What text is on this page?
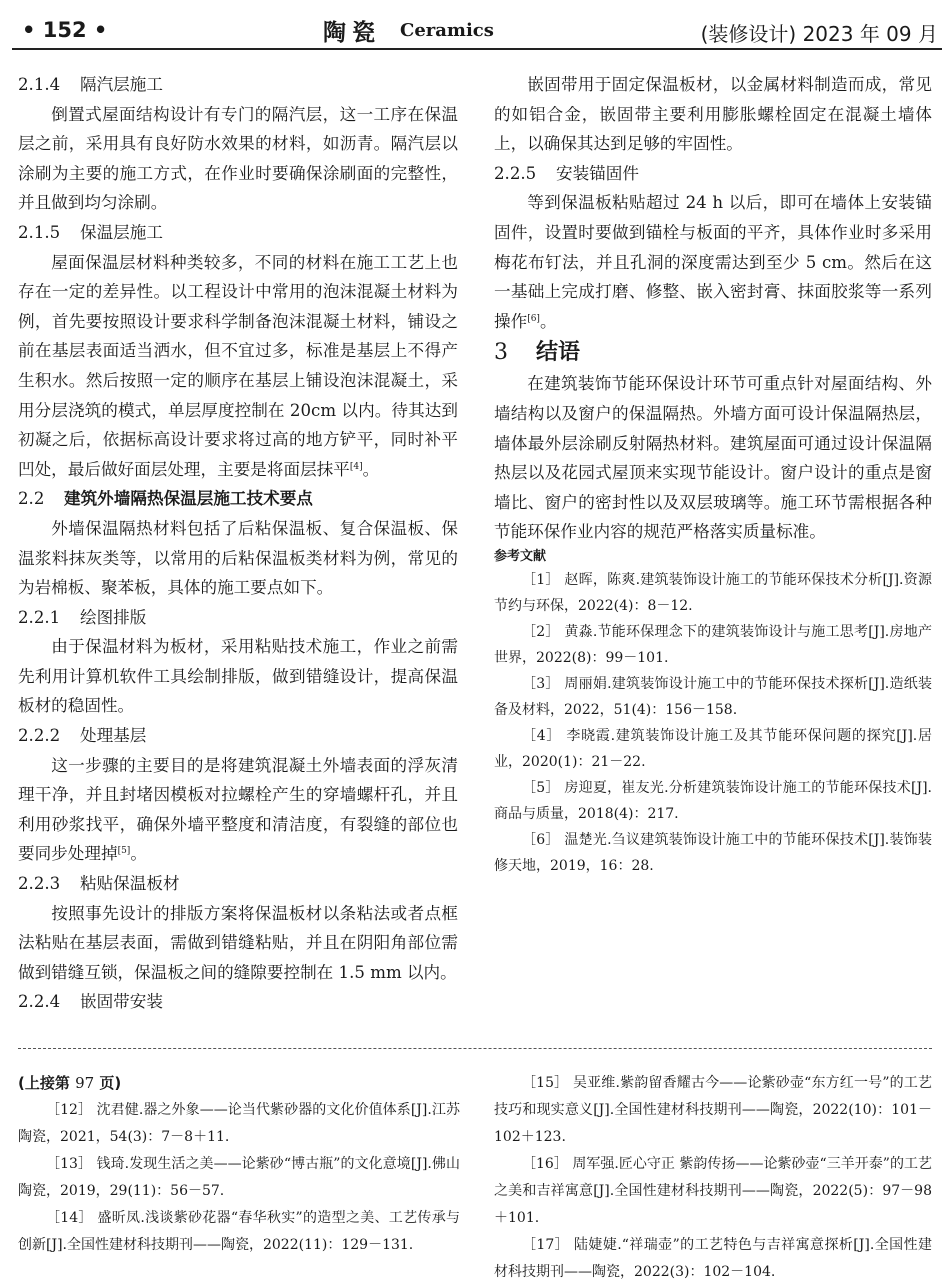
• 152 •	陶瓷 Ceramics	(装修设计) 2023 年 09 月

2.1.4 隔汽层施工

倒置式屋面结构设计有专门的隔汽层，这一工序在保温层之前，采用具有良好防水效果的材料，如沥青。隔汽层以涂刷为主要的施工方式，在作业时要确保涂刷面的完整性，并且做到均匀涂刷。

2.1.5 保温层施工

屋面保温层材料种类较多，不同的材料在施工工艺上也存在一定的差异性。以工程设计中常用的泡沫混凝土材料为例，首先要按照设计要求科学制备泡沫混凝土材料，铺设之前在基层表面适当洒水，但不宜过多，标准是基层上不得产生积水。然后按照一定的顺序在基层上铺设泡沫混凝土，采用分层浇筑的模式，单层厚度控制在 20cm 以内。待其达到初凝之后，依据标高设计要求将过高的地方铲平，同时补平凹处，最后做好面层处理，主要是将面层抹平[4]。

2.2 建筑外墙隔热保温层施工技术要点

外墙保温隔热材料包括了后粘保温板、复合保温板、保温浆料抹灰类等，以常用的后粘保温板类材料为例，常见的为岩棉板、聚苯板，具体的施工要点如下。

2.2.1 绘图排版

由于保温材料为板材，采用粘贴技术施工，作业之前需先利用计算机软件工具绘制排版，做到错缝设计，提高保温板材的稳固性。

2.2.2 处理基层

这一步骤的主要目的是将建筑混凝土外墙表面的浮灰清理干净，并且封堵因模板对拉螺栓产生的穿墙螺杆孔，并且利用砂浆找平，确保外墙平整度和清洁度，有裂缝的部位也要同步处理掉[5]。

2.2.3 粘贴保温板材

按照事先设计的排版方案将保温板材以条粘法或者点框法粘贴在基层表面，需做到错缝粘贴，并且在阴阳角部位需做到错缝互锁，保温板之间的缝隙要控制在 1.5 mm 以内。

2.2.4 嵌固带安装

嵌固带用于固定保温板材，以金属材料制造而成，常见的如铝合金，嵌固带主要利用膨胀螺栓固定在混凝土墙体上，以确保其达到足够的牢固性。

2.2.5 安装锚固件

等到保温板粘贴超过 24 h 以后，即可在墙体上安装锚固件，设置时要做到锚栓与板面的平齐，具体作业时多采用梅花布钉法，并且孔洞的深度需达到至少 5 cm。然后在这一基础上完成打磨、修整、嵌入密封膏、抹面胶浆等一系列操作[6]。

3 结语

在建筑装饰节能环保设计环节可重点针对屋面结构、外墙结构以及窗户的保温隔热。外墙方面可设计保温隔热层，墙体最外层涂刷反射隔热材料。建筑屋面可通过设计保温隔热层以及花园式屋顶来实现节能设计。窗户设计的重点是窗墙比、窗户的密封性以及双层玻璃等。施工环节需根据各种节能环保作业内容的规范严格落实质量标准。

参考文献

［1］ 赵晖，陈爽.建筑装饰设计施工的节能环保技术分析[J].资源节约与环保，2022(4)：8－12.

［2］ 黄淼.节能环保理念下的建筑装饰设计与施工思考[J].房地产世界，2022(8)：99－101.

［3］ 周丽娟.建筑装饰设计施工中的节能环保技术探析[J].造纸装备及材料，2022，51(4)：156－158.

［4］ 李晓霞.建筑装饰设计施工及其节能环保问题的探究[J].居业，2020(1)：21－22.

［5］ 房迎夏，崔友光.分析建筑装饰设计施工的节能环保技术[J].商品与质量，2018(4)：217.

［6］ 温楚光.刍议建筑装饰设计施工中的节能环保技术[J].装饰装修天地，2019，16：28.

(上接第 97 页)

［12］ 沈君健.器之外象——论当代紫砂器的文化价值体系[J].江苏陶瓷，2021，54(3)：7－8＋11.

［13］ 钱琦.发现生活之美——论紫砂“博古瓶”的文化意境[J].佛山陶瓷，2019，29(11)：56－57.

［14］ 盛昕凤.浅谈紫砂花器“春华秋实”的造型之美、工艺传承与创新[J].全国性建材科技期刊——陶瓷，2022(11)：129－131.

［15］ 吴亚维.紫韵留香耀古今——论紫砂壶“东方红一号”的工艺技巧和现实意义[J].全国性建材科技期刊——陶瓷，2022(10)：101－102＋123.

［16］ 周军强.匠心守正 紫韵传扬——论紫砂壶“三羊开泰”的工艺之美和吉祥寓意[J].全国性建材科技期刊——陶瓷，2022(5)：97－98＋101.

［17］ 陆婕婕.“祥瑞壶”的工艺特色与吉祥寓意探析[J].全国性建材科技期刊——陶瓷，2022(3)：102－104.
